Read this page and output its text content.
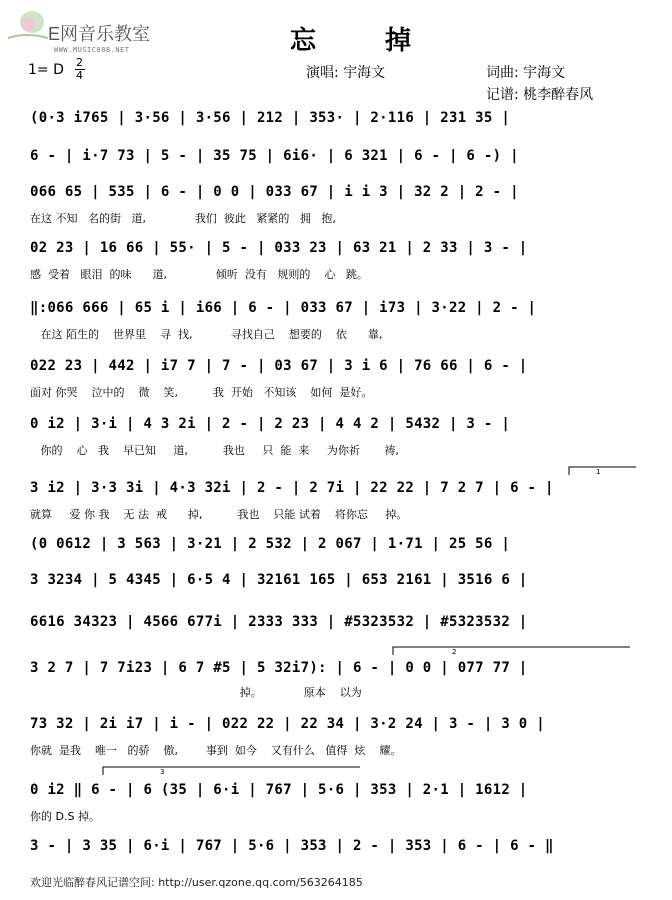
E网音乐教室
WWW.MUSIC888.NET	忘 掉
1= D 2
4	演唱: 宇海文	词曲: 宇海文
记谱: 桃李醉春风
(0·3 i765 | 3·56 | 3·56 | 212 | 353· | 2·116 | 231 35 |
6 - | i·7 73 | 5 - | 35 75 | 6i6· | 6 321 | 6 - | 6 -) |
066 65 | 535 | 6 - | 0 0 | 033 67 | i i 3 | 32 2 | 2 - |
在这 不知   名的街   道,              我们  彼此   紧紧的   拥   抱,
02 23 | 16 66 | 55· | 5 - | 033 23 | 63 21 | 2 33 | 3 - |
感  受着   眼泪  的味      道,              倾听  没有   规则的    心   跳。
‖:066 666 | 65 i | i66 | 6 - | 033 67 | i73 | 3·22 | 2 - |
在这 陌生的    世界里    寻  找,           寻找自己    想要的    依      靠,
022 23 | 442 | i7 7 | 7 - | 03 67 | 3 i 6 | 76 66 | 6 - |
面对 你哭    泣中的    微    笑,          我  开始   不知该    如何  是好。
0 i2 | 3·i | 4 3 2i | 2 - | 2 23 | 4 4 2 | 5432 | 3 - |
你的    心   我    早已知     道,          我也     只  能  来     为你祈       祷,
3 i2 | 3·3 3i | 4·3 32i | 2 - | 2 7i | 22 22 | 7 2 7 | 6 - |
就算     爱 你 我    无 法  戒      掉,          我也    只能 试着    将你忘     掉。
(0 0612 | 3 563 | 3·21 | 2 532 | 2 067 | 1·71 | 25 56 |
3 3234 | 5 4345 | 6·5 4 | 32161 165 | 653 2161 | 3516 6 |
6616 34323 | 4566 677i | 2333 333 | #5323532 | #5323532 |
3 2 7 | 7 7i23 | 6 7 #5 | 5 32i7): | 6 - | 0 0 | 077 77 |
掉。            原本    以为
73 32 | 2i i7 | i - | 022 22 | 22 34 | 3·2 24 | 3 - | 3 0 |
你就  是我    唯一   的骄    傲,        事到  如今    又有什么   值得  炫    耀。
0 i2 ‖ 6 - | 6 (35 | 6·i | 767 | 5·6 | 353 | 2·1 | 1612 |
你的 D.S 掉。
3 - | 3 35 | 6·i | 767 | 5·6 | 353 | 2 - | 353 | 6 - | 6 - ‖
1
2
3
欢迎光临醉春风记谱空间: http://user.qzone.qq.com/563264185
